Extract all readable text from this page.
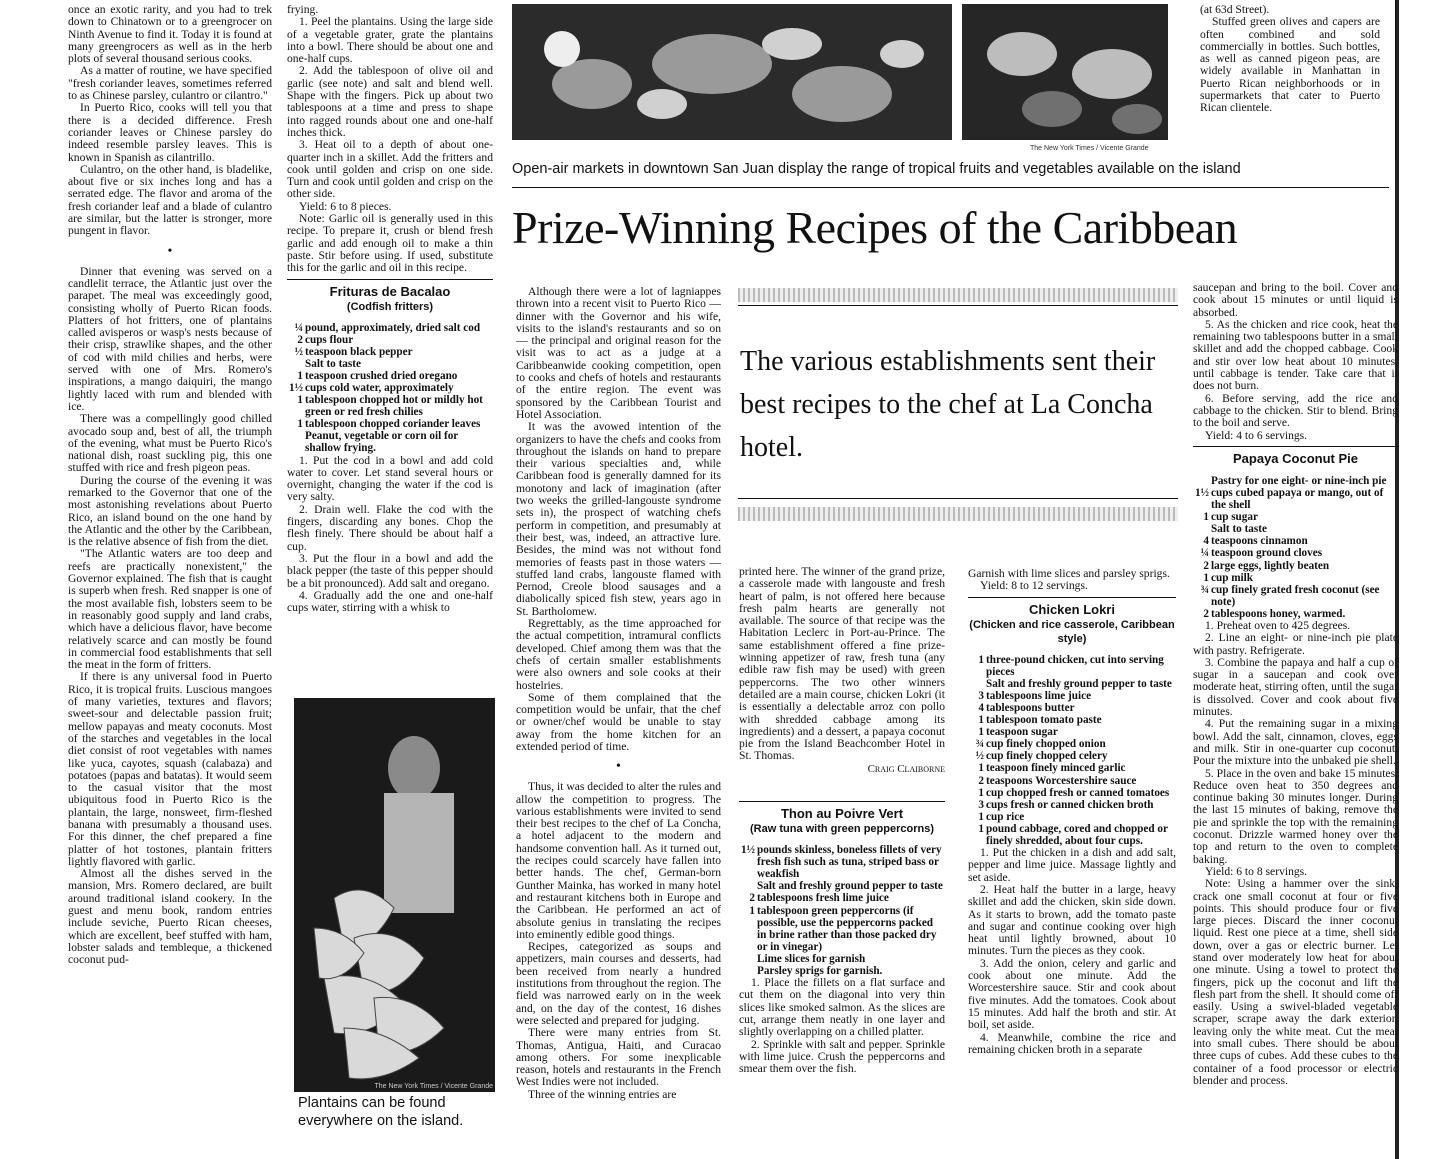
once an exotic rarity, and you had to trek down to Chinatown or to a greengrocer on Ninth Avenue to find it. Today it is found at many greengrocers as well as in the herb plots of several thousand serious cooks.

As a matter of routine, we have specified "fresh coriander leaves, sometimes referred to as Chinese parsley, culantro or cilantro."

In Puerto Rico, cooks will tell you that there is a decided difference. Fresh coriander leaves or Chinese parsley do indeed resemble parsley leaves. This is known in Spanish as cilantrillo.

Culantro, on the other hand, is bladelike, about five or six inches long and has a serrated edge. The flavor and aroma of the fresh coriander leaf and a blade of culantro are similar, but the latter is stronger, more pungent in flavor.

•

Dinner that evening was served on a candlelit terrace, the Atlantic just over the parapet. The meal was exceedingly good, consisting wholly of Puerto Rican foods. Platters of hot fritters, one of plantains called avisperos or wasp's nests because of their crisp, strawlike shapes, and the other of cod with mild chilies and herbs, were served with one of Mrs. Romero's inspirations, a mango daiquiri, the mango lightly laced with rum and blended with ice.

There was a compellingly good chilled avocado soup and, best of all, the triumph of the evening, what must be Puerto Rico's national dish, roast suckling pig, this one stuffed with rice and fresh pigeon peas.

During the course of the evening it was remarked to the Governor that one of the most astonishing revelations about Puerto Rico, an island bound on the one hand by the Atlantic and the other by the Caribbean, is the relative absence of fish from the diet.

"The Atlantic waters are too deep and reefs are practically nonexistent," the Governor explained. The fish that is caught is superb when fresh. Red snapper is one of the most available fish, lobsters seem to be in reasonably good supply and land crabs, which have a delicious flavor, have become relatively scarce and can mostly be found in commercial food establishments that sell the meat in the form of fritters.

If there is any universal food in Puerto Rico, it is tropical fruits. Luscious mangoes of many varieties, textures and flavors; sweet-sour and delectable passion fruit; mellow papayas and meaty coconuts. Most of the starches and vegetables in the local diet consist of root vegetables with names like yuca, cayotes, squash (calabaza) and potatoes (papas and batatas). It would seem to the casual visitor that the most ubiquitous food in Puerto Rico is the plantain, the large, nonsweet, firm-fleshed banana with presumably a thousand uses. For this dinner, the chef prepared a fine platter of hot tostones, plantain fritters lightly flavored with garlic.

Almost all the dishes served in the mansion, Mrs. Romero declared, are built around traditional island cookery. In the guest and menu book, random entries include seviche, Puerto Rican cheeses, which are excellent, beef stuffed with ham, lobster salads and tembleque, a thickened coconut pud-

frying.

1. Peel the plantains. Using the large side of a vegetable grater, grate the plantains into a bowl. There should be about one and one-half cups.

2. Add the tablespoon of olive oil and garlic (see note) and salt and blend well. Shape with the fingers. Pick up about two tablespoons at a time and press to shape into ragged rounds about one and one-half inches thick.

3. Heat oil to a depth of about one-quarter inch in a skillet. Add the fritters and cook until golden and crisp on one side. Turn and cook until golden and crisp on the other side.

Yield: 6 to 8 pieces.

Note: Garlic oil is generally used in this recipe. To prepare it, crush or blend fresh garlic and add enough oil to make a thin paste. Stir before using. If used, substitute this for the garlic and oil in this recipe.

Frituras de Bacalao
(Codfish fritters)
¼ pound, approximately, dried salt cod
2 cups flour
½ teaspoon black pepper
Salt to taste
1 teaspoon crushed dried oregano
1½ cups cold water, approximately
1 tablespoon chopped hot or mildly hot green or red fresh chilies
1 tablespoon chopped coriander leaves
Peanut, vegetable or corn oil for shallow frying.

1. Put the cod in a bowl and add cold water to cover. Let stand several hours or overnight, changing the water if the cod is very salty.

2. Drain well. Flake the cod with the fingers, discarding any bones. Chop the flesh finely. There should be about half a cup.

3. Put the flour in a bowl and add the black pepper (the taste of this pepper should be a bit pronounced). Add salt and oregano.

4. Gradually add the one and one-half cups water, stirring with a whisk to

The New York Times / Vicente Grande
Plantains can be found everywhere on the island.
The New York Times / Vicente Grande
Open-air markets in downtown San Juan display the range of tropical fruits and vegetables available on the island

(at 63d Street).

Stuffed green olives and capers are often combined and sold commercially in bottles. Such bottles, as well as canned pigeon peas, are widely available in Manhattan in Puerto Rican neighborhoods or in supermarkets that cater to Puerto Rican clientele.

Prize-Winning Recipes of the Caribbean
The various establishments sent their best recipes to the chef at La Concha hotel.

Although there were a lot of lagniappes thrown into a recent visit to Puerto Rico — dinner with the Governor and his wife, visits to the island's restaurants and so on — the principal and original reason for the visit was to act as a judge at a Caribbeanwide cooking competition, open to cooks and chefs of hotels and restaurants of the entire region. The event was sponsored by the Caribbean Tourist and Hotel Association.

It was the avowed intention of the organizers to have the chefs and cooks from throughout the islands on hand to prepare their various specialties and, while Caribbean food is generally damned for its monotony and lack of imagination (after two weeks the grilled-langouste syndrome sets in), the prospect of watching chefs perform in competition, and presumably at their best, was, indeed, an attractive lure. Besides, the mind was not without fond memories of feasts past in those waters — stuffed land crabs, langouste flamed with Pernod, Creole blood sausages and a diabolically spiced fish stew, years ago in St. Bartholomew.

Regrettably, as the time approached for the actual competition, intramural conflicts developed. Chief among them was that the chefs of certain smaller establishments were also owners and sole cooks at their hostelries.

Some of them complained that the competition would be unfair, that the chef or owner/chef would be unable to stay away from the home kitchen for an extended period of time.

•

Thus, it was decided to alter the rules and allow the competition to progress. The various establishments were invited to send their best recipes to the chef of La Concha, a hotel adjacent to the modern and handsome convention hall. As it turned out, the recipes could scarcely have fallen into better hands. The chef, German-born Gunther Mainka, has worked in many hotel and restaurant kitchens both in Europe and the Caribbean. He performed an act of absolute genius in translating the recipes into eminently edible good things.

Recipes, categorized as soups and appetizers, main courses and desserts, had been received from nearly a hundred institutions from throughout the region. The field was narrowed early on in the week and, on the day of the contest, 16 dishes were selected and prepared for judging.

There were many entries from St. Thomas, Antigua, Haiti, and Curacao among others. For some inexplicable reason, hotels and restaurants in the French West Indies were not included.

Three of the winning entries are

printed here. The winner of the grand prize, a casserole made with langouste and fresh heart of palm, is not offered here because fresh palm hearts are generally not available. The source of that recipe was the Habitation Leclerc in Port-au-Prince. The same establishment offered a fine prize-winning appetizer of raw, fresh tuna (any edible raw fish may be used) with green peppercorns. The two other winners detailed are a main course, chicken Lokri (it is essentially a delectable arroz con pollo with shredded cabbage among its ingredients) and a dessert, a papaya coconut pie from the Island Beachcomber Hotel in St. Thomas.

Craig Claiborne
Thon au Poivre Vert
(Raw tuna with green peppercorns)
1½ pounds skinless, boneless fillets of very fresh fish such as tuna, striped bass or weakfish
Salt and freshly ground pepper to taste
2 tablespoons fresh lime juice
1 tablespoon green peppercorns (if possible, use the peppercorns packed in brine rather than those packed dry or in vinegar)
Lime slices for garnish
Parsley sprigs for garnish.

1. Place the fillets on a flat surface and cut them on the diagonal into very thin slices like smoked salmon. As the slices are cut, arrange them neatly in one layer and slightly overlapping on a chilled platter.

2. Sprinkle with salt and pepper. Sprinkle with lime juice. Crush the peppercorns and smear them over the fish.

Garnish with lime slices and parsley sprigs.

Yield: 8 to 12 servings.

Chicken Lokri
(Chicken and rice casserole, Caribbean style)
1 three-pound chicken, cut into serving pieces
Salt and freshly ground pepper to taste
3 tablespoons lime juice
4 tablespoons butter
1 tablespoon tomato paste
1 teaspoon sugar
¾ cup finely chopped onion
½ cup finely chopped celery
1 teaspoon finely minced garlic
2 teaspoons Worcestershire sauce
1 cup chopped fresh or canned tomatoes
3 cups fresh or canned chicken broth
1 cup rice
1 pound cabbage, cored and chopped or finely shredded, about four cups.

1. Put the chicken in a dish and add salt, pepper and lime juice. Massage lightly and set aside.

2. Heat half the butter in a large, heavy skillet and add the chicken, skin side down. As it starts to brown, add the tomato paste and sugar and continue cooking over high heat until lightly browned, about 10 minutes. Turn the pieces as they cook.

3. Add the onion, celery and garlic and cook about one minute. Add the Worcestershire sauce. Stir and cook about five minutes. Add the tomatoes. Cook about 15 minutes. Add half the broth and stir. At boil, set aside.

4. Meanwhile, combine the rice and remaining chicken broth in a separate

saucepan and bring to the boil. Cover and cook about 15 minutes or until liquid is absorbed.

5. As the chicken and rice cook, heat the remaining two tablespoons butter in a small skillet and add the chopped cabbage. Cook and stir over low heat about 10 minutes, until cabbage is tender. Take care that it does not burn.

6. Before serving, add the rice and cabbage to the chicken. Stir to blend. Bring to the boil and serve.

Yield: 4 to 6 servings.

Papaya Coconut Pie
Pastry for one eight- or nine-inch pie
1½ cups cubed papaya or mango, out of the shell
1 cup sugar
Salt to taste
4 teaspoons cinnamon
¼ teaspoon ground cloves
2 large eggs, lightly beaten
1 cup milk
¾ cup finely grated fresh coconut (see note)
2 tablespoons honey, warmed.

1. Preheat oven to 425 degrees.

2. Line an eight- or nine-inch pie plate with pastry. Refrigerate.

3. Combine the papaya and half a cup of sugar in a saucepan and cook over moderate heat, stirring often, until the sugar is dissolved. Cover and cook about five minutes.

4. Put the remaining sugar in a mixing bowl. Add the salt, cinnamon, cloves, eggs and milk. Stir in one-quarter cup coconut. Pour the mixture into the unbaked pie shell.

5. Place in the oven and bake 15 minutes. Reduce oven heat to 350 degrees and continue baking 30 minutes longer. During the last 15 minutes of baking, remove the pie and sprinkle the top with the remaining coconut. Drizzle warmed honey over the top and return to the oven to complete baking.

Yield: 6 to 8 servings.

Note: Using a hammer over the sink, crack one small coconut at four or five points. This should produce four or five large pieces. Discard the inner coconut liquid. Rest one piece at a time, shell side down, over a gas or electric burner. Let stand over moderately low heat for about one minute. Using a towel to protect the fingers, pick up the coconut and lift the flesh part from the shell. It should come off easily. Using a swivel-bladed vegetable scraper, scrape away the dark exterior, leaving only the white meat. Cut the meat into small cubes. There should be about three cups of cubes. Add these cubes to the container of a food processor or electric blender and process.
